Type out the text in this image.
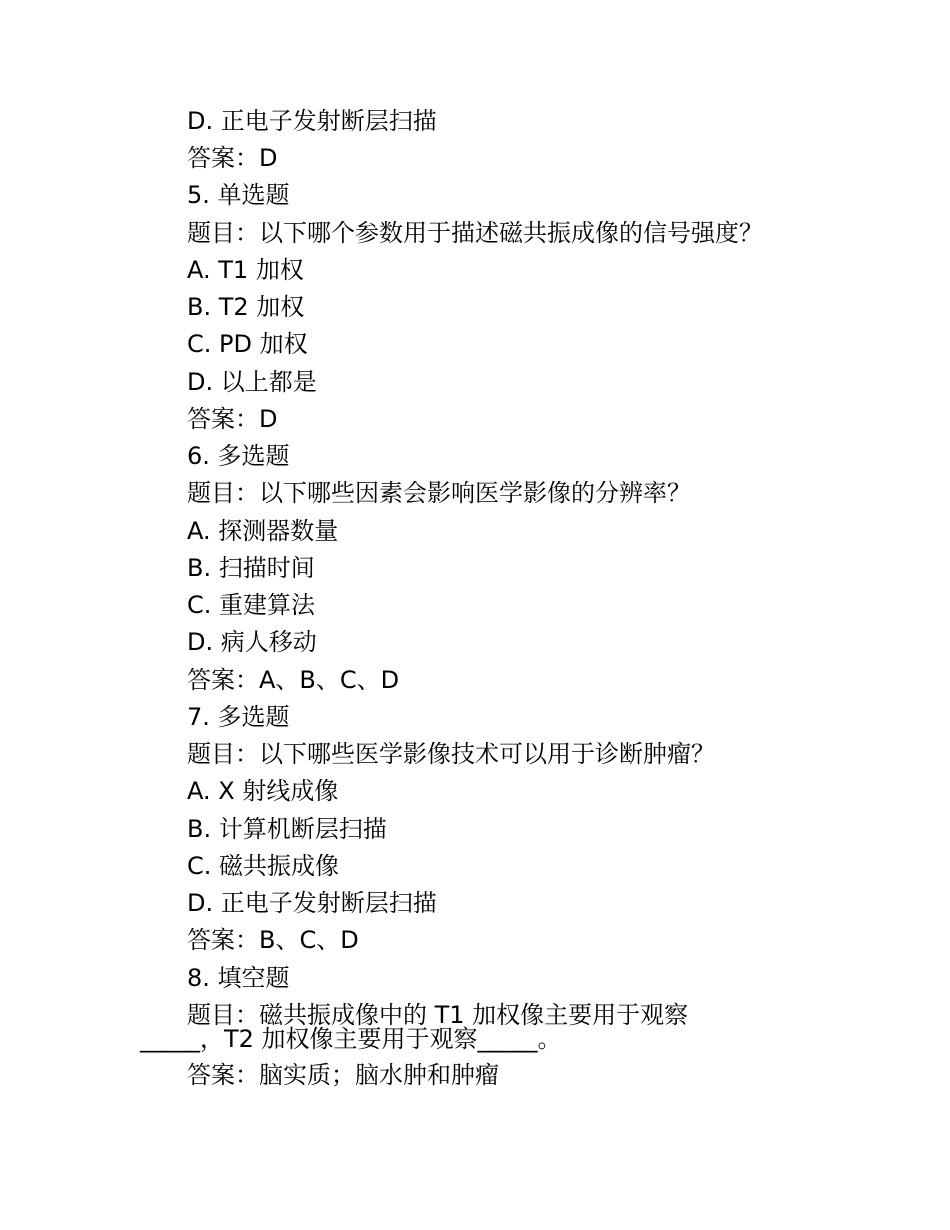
D. 正电子发射断层扫描
答案：D
5. 单选题
题目：以下哪个参数用于描述磁共振成像的信号强度？
A. T1 加权
B. T2 加权
C. PD 加权
D. 以上都是
答案：D
6. 多选题
题目：以下哪些因素会影响医学影像的分辨率？
A. 探测器数量
B. 扫描时间
C. 重建算法
D. 病人移动
答案：A、B、C、D
7. 多选题
题目：以下哪些医学影像技术可以用于诊断肿瘤？
A. X 射线成像
B. 计算机断层扫描
C. 磁共振成像
D. 正电子发射断层扫描
答案：B、C、D
8. 填空题
题目：磁共振成像中的 T1 加权像主要用于观察
_____，T2 加权像主要用于观察_____。
答案：脑实质；脑水肿和肿瘤
